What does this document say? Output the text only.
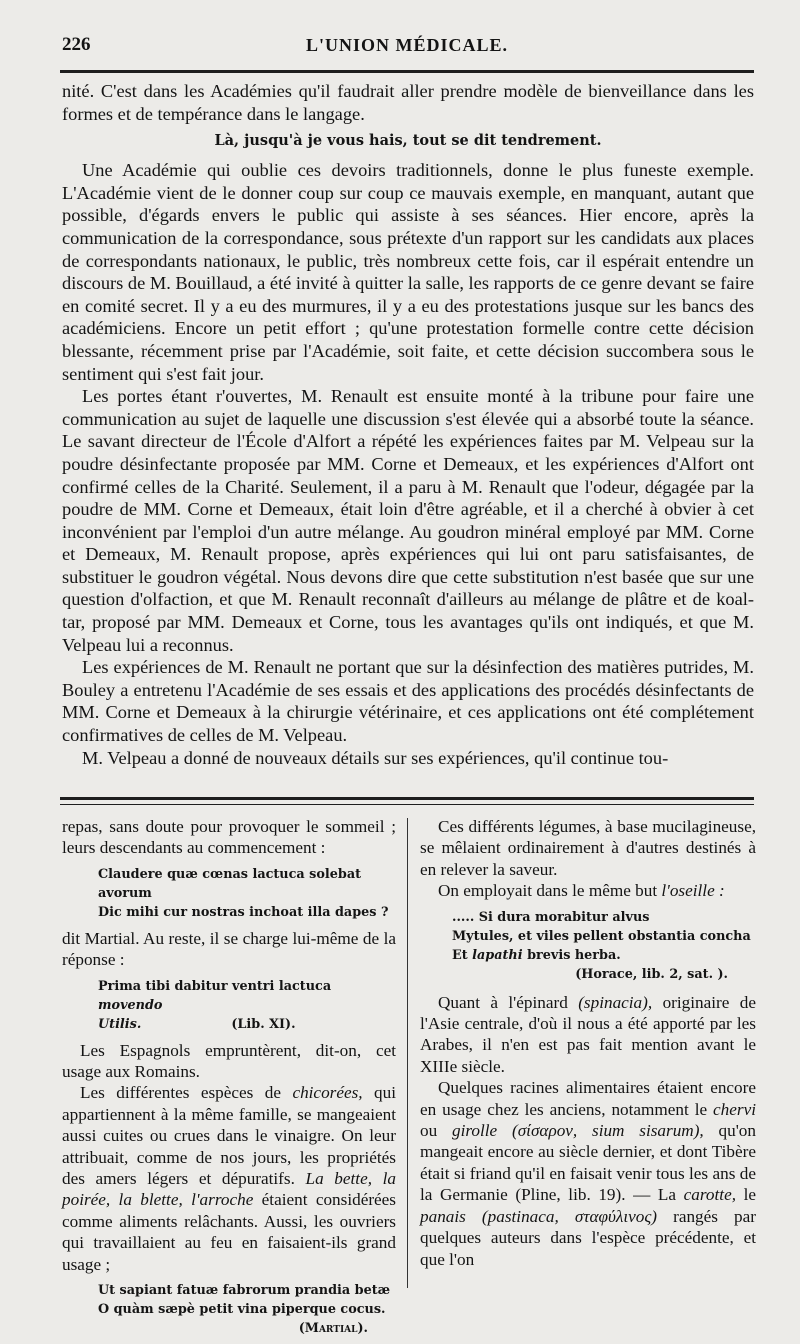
226	L'UNION MÉDICALE.

nité. C'est dans les Académies qu'il faudrait aller prendre modèle de bienveillance dans les formes et de tempérance dans le langage.

Là, jusqu'à je vous hais, tout se dit tendrement.

Une Académie qui oublie ces devoirs traditionnels, donne le plus funeste exemple. L'Académie vient de le donner coup sur coup ce mauvais exemple, en manquant, autant que possible, d'égards envers le public qui assiste à ses séances. Hier encore, après la communication de la correspondance, sous prétexte d'un rapport sur les candidats aux places de correspondants nationaux, le public, très nombreux cette fois, car il espérait entendre un discours de M. Bouillaud, a été invité à quitter la salle, les rapports de ce genre devant se faire en comité secret. Il y a eu des murmures, il y a eu des protestations jusque sur les bancs des académiciens. Encore un petit effort ; qu'une protestation formelle contre cette décision blessante, récemment prise par l'Académie, soit faite, et cette décision succombera sous le sentiment qui s'est fait jour.

Les portes étant r'ouvertes, M. Renault est ensuite monté à la tribune pour faire une communication au sujet de laquelle une discussion s'est élevée qui a absorbé toute la séance. Le savant directeur de l'École d'Alfort a répété les expériences faites par M. Velpeau sur la poudre désinfectante proposée par MM. Corne et Demeaux, et les expériences d'Alfort ont confirmé celles de la Charité. Seulement, il a paru à M. Renault que l'odeur, dégagée par la poudre de MM. Corne et Demeaux, était loin d'être agréable, et il a cherché à obvier à cet inconvénient par l'emploi d'un autre mélange. Au goudron minéral employé par MM. Corne et Demeaux, M. Renault propose, après expériences qui lui ont paru satisfaisantes, de substituer le goudron végétal. Nous devons dire que cette substitution n'est basée que sur une question d'olfaction, et que M. Renault reconnaît d'ailleurs au mélange de plâtre et de koal-tar, proposé par MM. Demeaux et Corne, tous les avantages qu'ils ont indiqués, et que M. Velpeau lui a reconnus.

Les expériences de M. Renault ne portant que sur la désinfection des matières putrides, M. Bouley a entretenu l'Académie de ses essais et des applications des procédés désinfectants de MM. Corne et Demeaux à la chirurgie vétérinaire, et ces applications ont été complétement confirmatives de celles de M. Velpeau.

M. Velpeau a donné de nouveaux détails sur ses expériences, qu'il continue tou-

repas, sans doute pour provoquer le sommeil ; leurs descendants au commencement :

Claudere quæ cœnas lactuca solebat avorum
Dic mihi cur nostras inchoat illa dapes ?

dit Martial. Au reste, il se charge lui-même de la réponse :

Prima tibi dabitur ventri lactuca movendo
Utilis.	(Lib. XI).

Les Espagnols empruntèrent, dit-on, cet usage aux Romains.

Les différentes espèces de chicorées, qui appartiennent à la même famille, se mangeaient aussi cuites ou crues dans le vinaigre. On leur attribuait, comme de nos jours, les propriétés des amers légers et dépuratifs. La bette, la poirée, la blette, l'arroche étaient considérées comme aliments relâchants. Aussi, les ouvriers qui travaillaient au feu en faisaient-ils grand usage ;

Ut sapiant fatuæ fabrorum prandia betæ
O quàm sæpè petit vina piperque cocus.
(Martial).

Ces différents légumes, à base mucilagineuse, se mêlaient ordinairement à d'autres destinés à en relever la saveur.

On employait dans le même but l'oseille :

..... Si dura morabitur alvus
Mytules, et viles pellent obstantia concha
Et lapathi brevis herba.
(Horace, lib. 2, sat. ).

Quant à l'épinard (spinacia), originaire de l'Asie centrale, d'où il nous a été apporté par les Arabes, il n'en est pas fait mention avant le XIIIe siècle.

Quelques racines alimentaires étaient encore en usage chez les anciens, notamment le chervi ou girolle (σίσαρον, sium sisarum), qu'on mangeait encore au siècle dernier, et dont Tibère était si friand qu'il en faisait venir tous les ans de la Germanie (Pline, lib. 19). — La carotte, le panais (pastinaca, σταφύλινος) rangés par quelques auteurs dans l'espèce précédente, et que l'on
